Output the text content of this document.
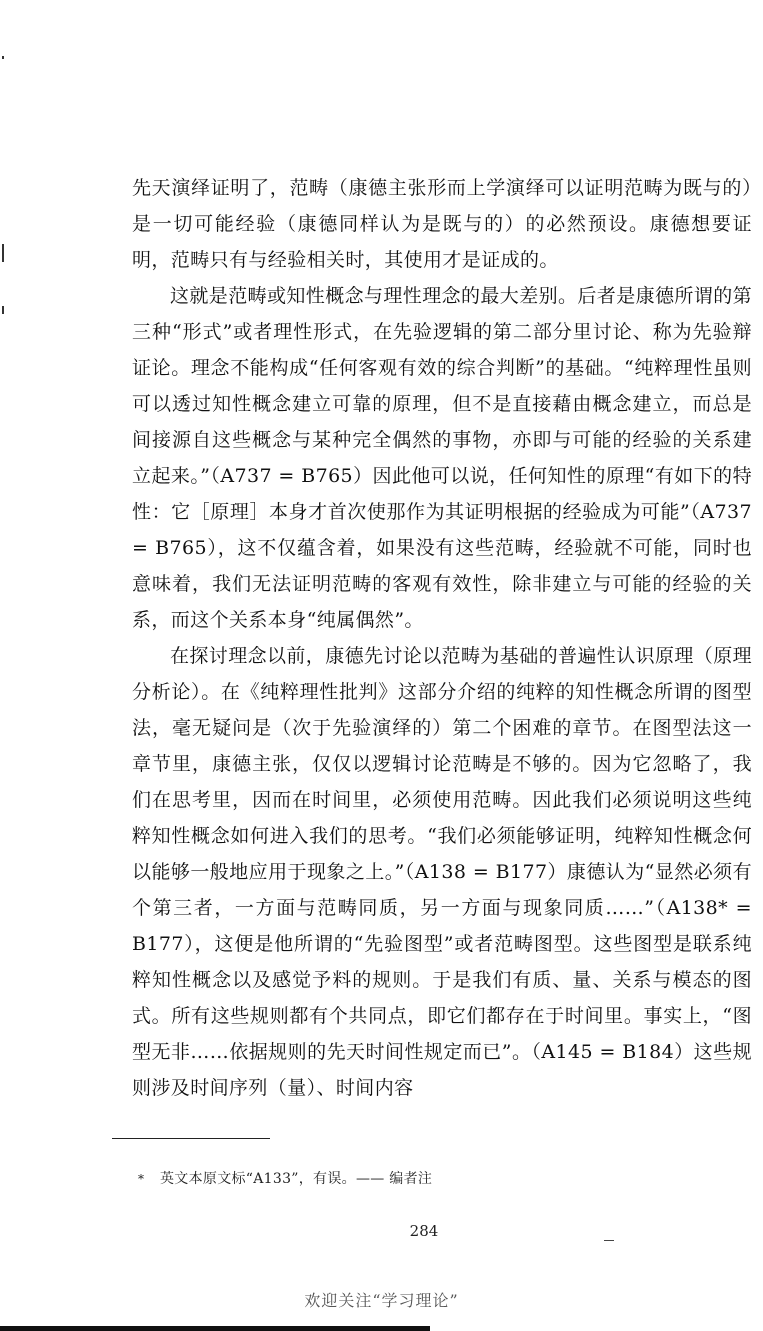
先天演绎证明了，范畴（康德主张形而上学演绎可以证明范畴为既与的）是一切可能经验（康德同样认为是既与的）的必然预设。康德想要证明，范畴只有与经验相关时，其使用才是证成的。

这就是范畴或知性概念与理性理念的最大差别。后者是康德所谓的第三种“形式”或者理性形式，在先验逻辑的第二部分里讨论、称为先验辩证论。理念不能构成“任何客观有效的综合判断”的基础。“纯粹理性虽则可以透过知性概念建立可靠的原理，但不是直接藉由概念建立，而总是间接源自这些概念与某种完全偶然的事物，亦即与可能的经验的关系建立起来。”（A737 = B765）因此他可以说，任何知性的原理“有如下的特性：它［原理］本身才首次使那作为其证明根据的经验成为可能”（A737 = B765），这不仅蕴含着，如果没有这些范畴，经验就不可能，同时也意味着，我们无法证明范畴的客观有效性，除非建立与可能的经验的关系，而这个关系本身“纯属偶然”。

在探讨理念以前，康德先讨论以范畴为基础的普遍性认识原理（原理分析论）。在《纯粹理性批判》这部分介绍的纯粹的知性概念所谓的图型法，毫无疑问是（次于先验演绎的）第二个困难的章节。在图型法这一章节里，康德主张，仅仅以逻辑讨论范畴是不够的。因为它忽略了，我们在思考里，因而在时间里，必须使用范畴。因此我们必须说明这些纯粹知性概念如何进入我们的思考。“我们必须能够证明，纯粹知性概念何以能够一般地应用于现象之上。”（A138 = B177）康德认为“显然必须有个第三者，一方面与范畴同质，另一方面与现象同质……”（A138* = B177），这便是他所谓的“先验图型”或者范畴图型。这些图型是联系纯粹知性概念以及感觉予料的规则。于是我们有质、量、关系与模态的图式。所有这些规则都有个共同点，即它们都存在于时间里。事实上，“图型无非……依据规则的先天时间性规定而已”。（A145 = B184）这些规则涉及时间序列（量）、时间内容

* 英文本原文标“A133”，有误。—— 编者注
284
欢迎关注“学习理论”
